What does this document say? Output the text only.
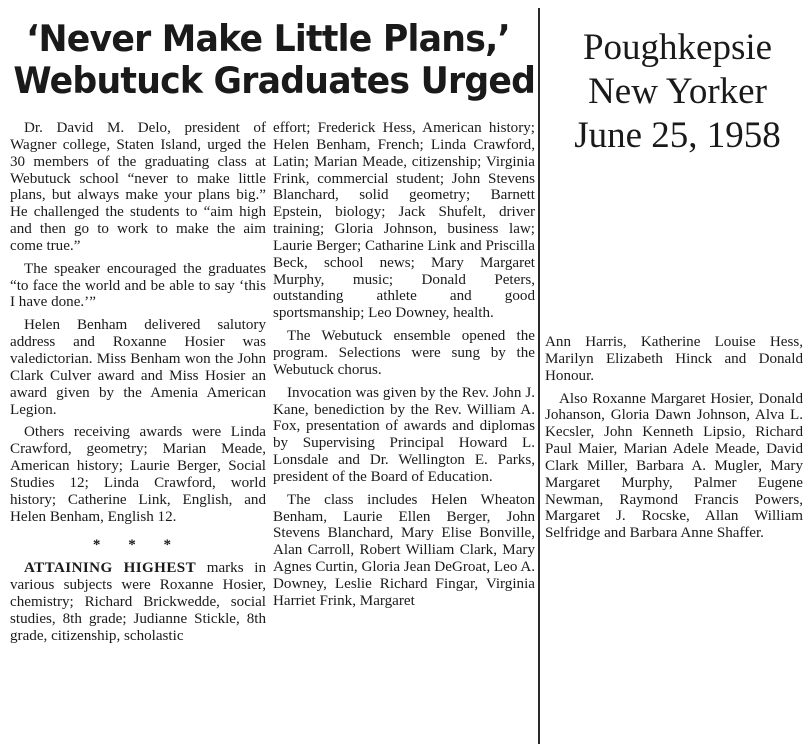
‘Never Make Little Plans,’
Webutuck Graduates Urged
Poughkepsie
New Yorker
June 25, 1958

Dr. David M. Delo, president of Wagner college, Staten Island, urged the 30 members of the graduating class at Webutuck school “never to make little plans, but always make your plans big.” He challenged the students to “aim high and then go to work to make the aim come true.”

The speaker encouraged the graduates “to face the world and be able to say ‘this I have done.’”

Helen Benham delivered salutory address and Roxanne Hosier was valedictorian. Miss Benham won the John Clark Culver award and Miss Hosier an award given by the Amenia American Legion.

Others receiving awards were Linda Crawford, geometry; Marian Meade, American history; Laurie Berger, Social Studies 12; Linda Crawford, world history; Catherine Link, English, and Helen Benham, English 12.

* * *

ATTAINING HIGHEST marks in various subjects were Roxanne Hosier, chemistry; Richard Brickwedde, social studies, 8th grade; Judianne Stickle, 8th grade, citizenship, scholastic

effort; Frederick Hess, American history; Helen Benham, French; Linda Crawford, Latin; Marian Meade, citizenship; Virginia Frink, commercial student; John Stevens Blanchard, solid geometry; Barnett Epstein, biology; Jack Shufelt, driver training; Gloria Johnson, business law; Laurie Berger; Catharine Link and Priscilla Beck, school news; Mary Margaret Murphy, music; Donald Peters, outstanding athlete and good sportsmanship; Leo Downey, health.

The Webutuck ensemble opened the program. Selections were sung by the Webutuck chorus.

Invocation was given by the Rev. John J. Kane, benediction by the Rev. William A. Fox, presentation of awards and diplomas by Supervising Principal Howard L. Lonsdale and Dr. Wellington E. Parks, president of the Board of Education.

The class includes Helen Wheaton Benham, Laurie Ellen Berger, John Stevens Blanchard, Mary Elise Bonville, Alan Carroll, Robert William Clark, Mary Agnes Curtin, Gloria Jean DeGroat, Leo A. Downey, Leslie Richard Fingar, Virginia Harriet Frink, Margaret

Ann Harris, Katherine Louise Hess, Marilyn Elizabeth Hinck and Donald Honour.

Also Roxanne Margaret Hosier, Donald Johanson, Gloria Dawn Johnson, Alva L. Kecsler, John Kenneth Lipsio, Richard Paul Maier, Marian Adele Meade, David Clark Miller, Barbara A. Mugler, Mary Margaret Murphy, Palmer Eugene Newman, Raymond Francis Powers, Margaret J. Rocske, Allan William Selfridge and Barbara Anne Shaffer.
